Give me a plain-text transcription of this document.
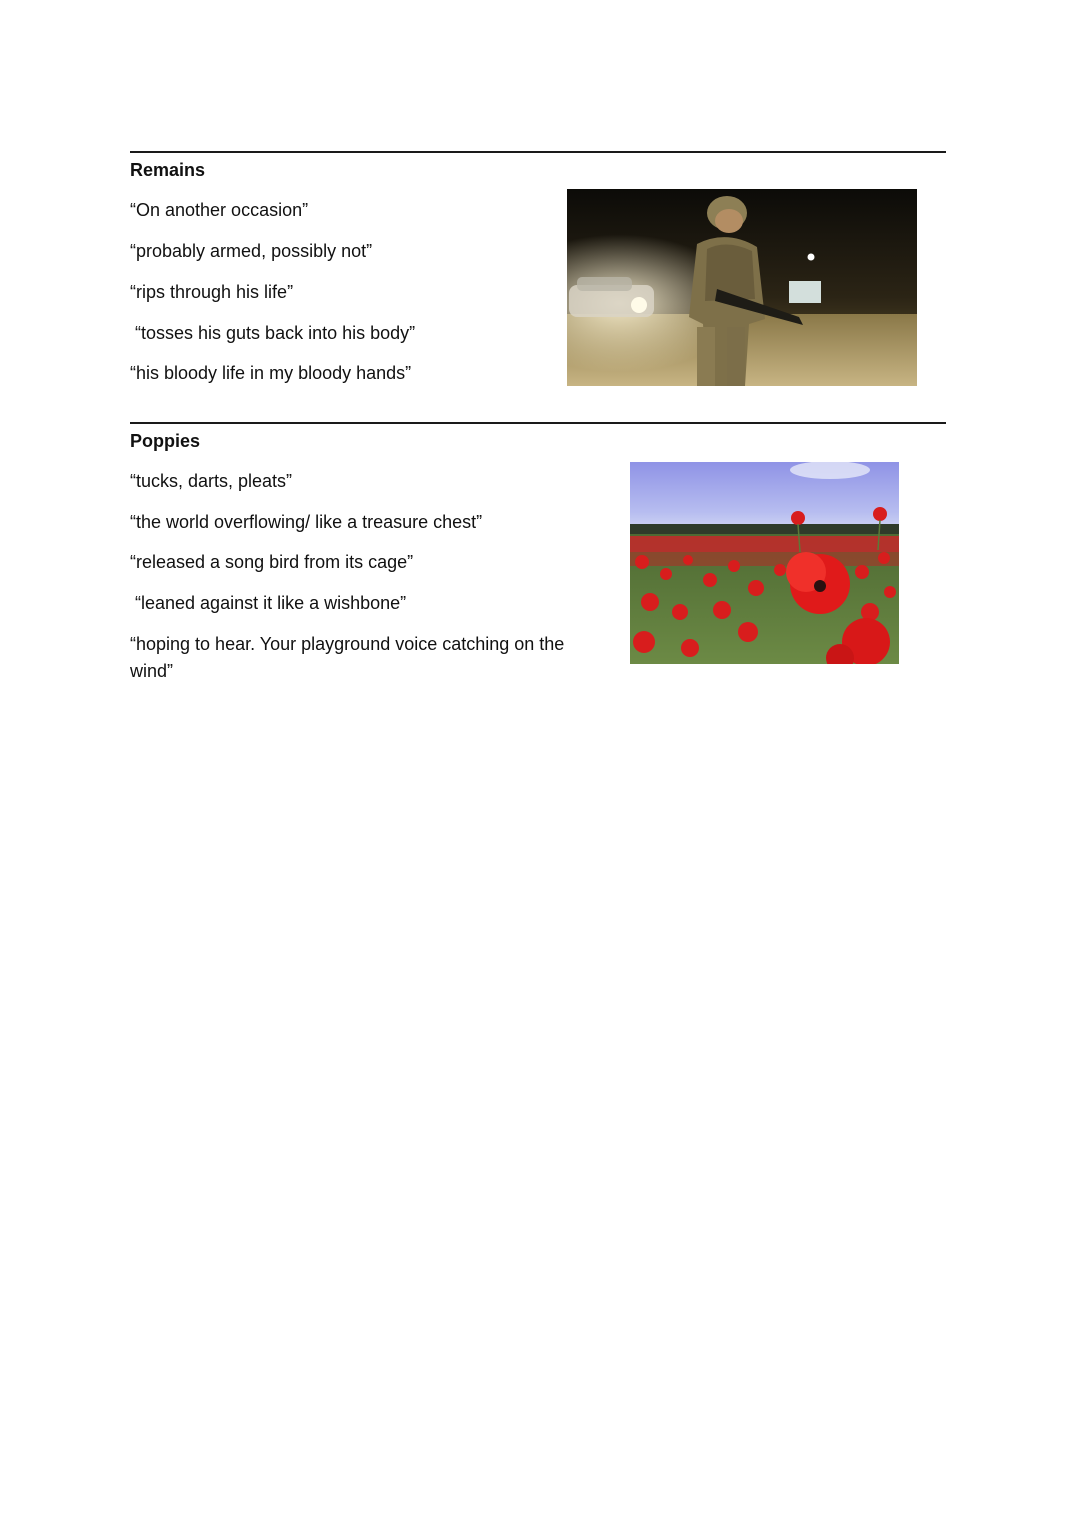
Remains

“On another occasion”

“probably armed, possibly not”

“rips through his life”

“tosses his guts back into his body”

“his bloody life in my bloody hands”

Poppies

“tucks, darts, pleats”

“the world overflowing/ like a treasure chest”

“released a song bird from its cage”

“leaned against it like a wishbone”

“hoping to hear. Your playground voice catching on the wind”
